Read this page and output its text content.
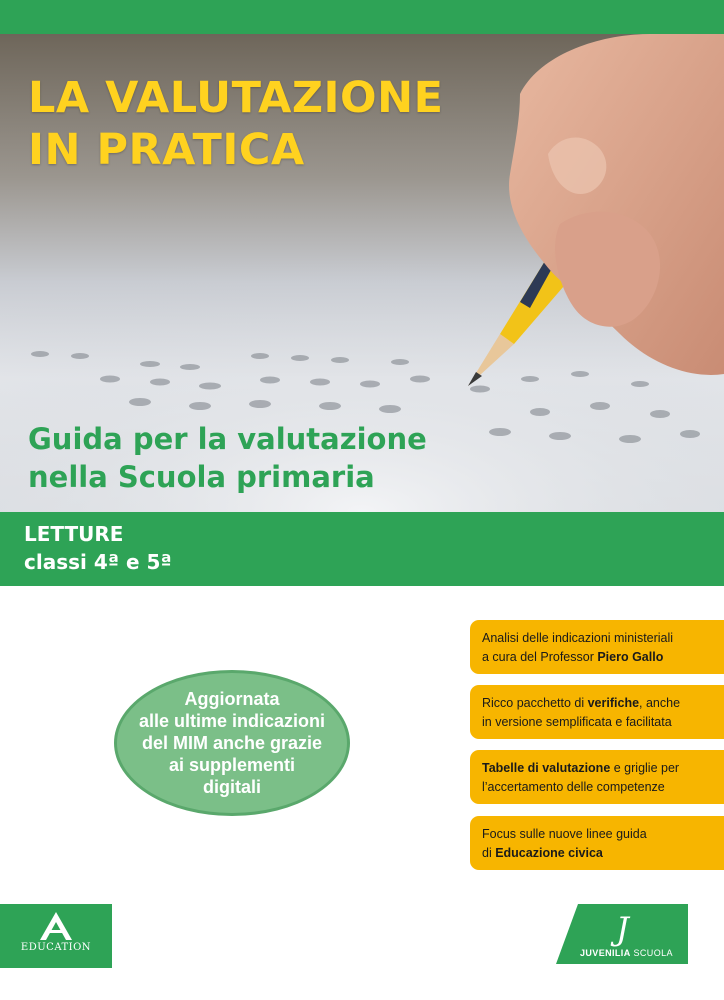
LA VALUTAZIONE
IN PRATICA
Guida per la valutazione
nella Scuola primaria
LETTURE
classi 4ª e 5ª
Aggiornata
alle ultime indicazioni
del MIM anche grazie
ai supplementi
digitali
Analisi delle indicazioni ministeriali
a cura del Professor Piero Gallo
Ricco pacchetto di verifiche, anche
in versione semplificata e facilitata
Tabelle di valutazione e griglie per
l’accertamento delle competenze
Focus sulle nuove linee guida
di Educazione civica
EDUCATION	J
JUVENILIA SCUOLA
